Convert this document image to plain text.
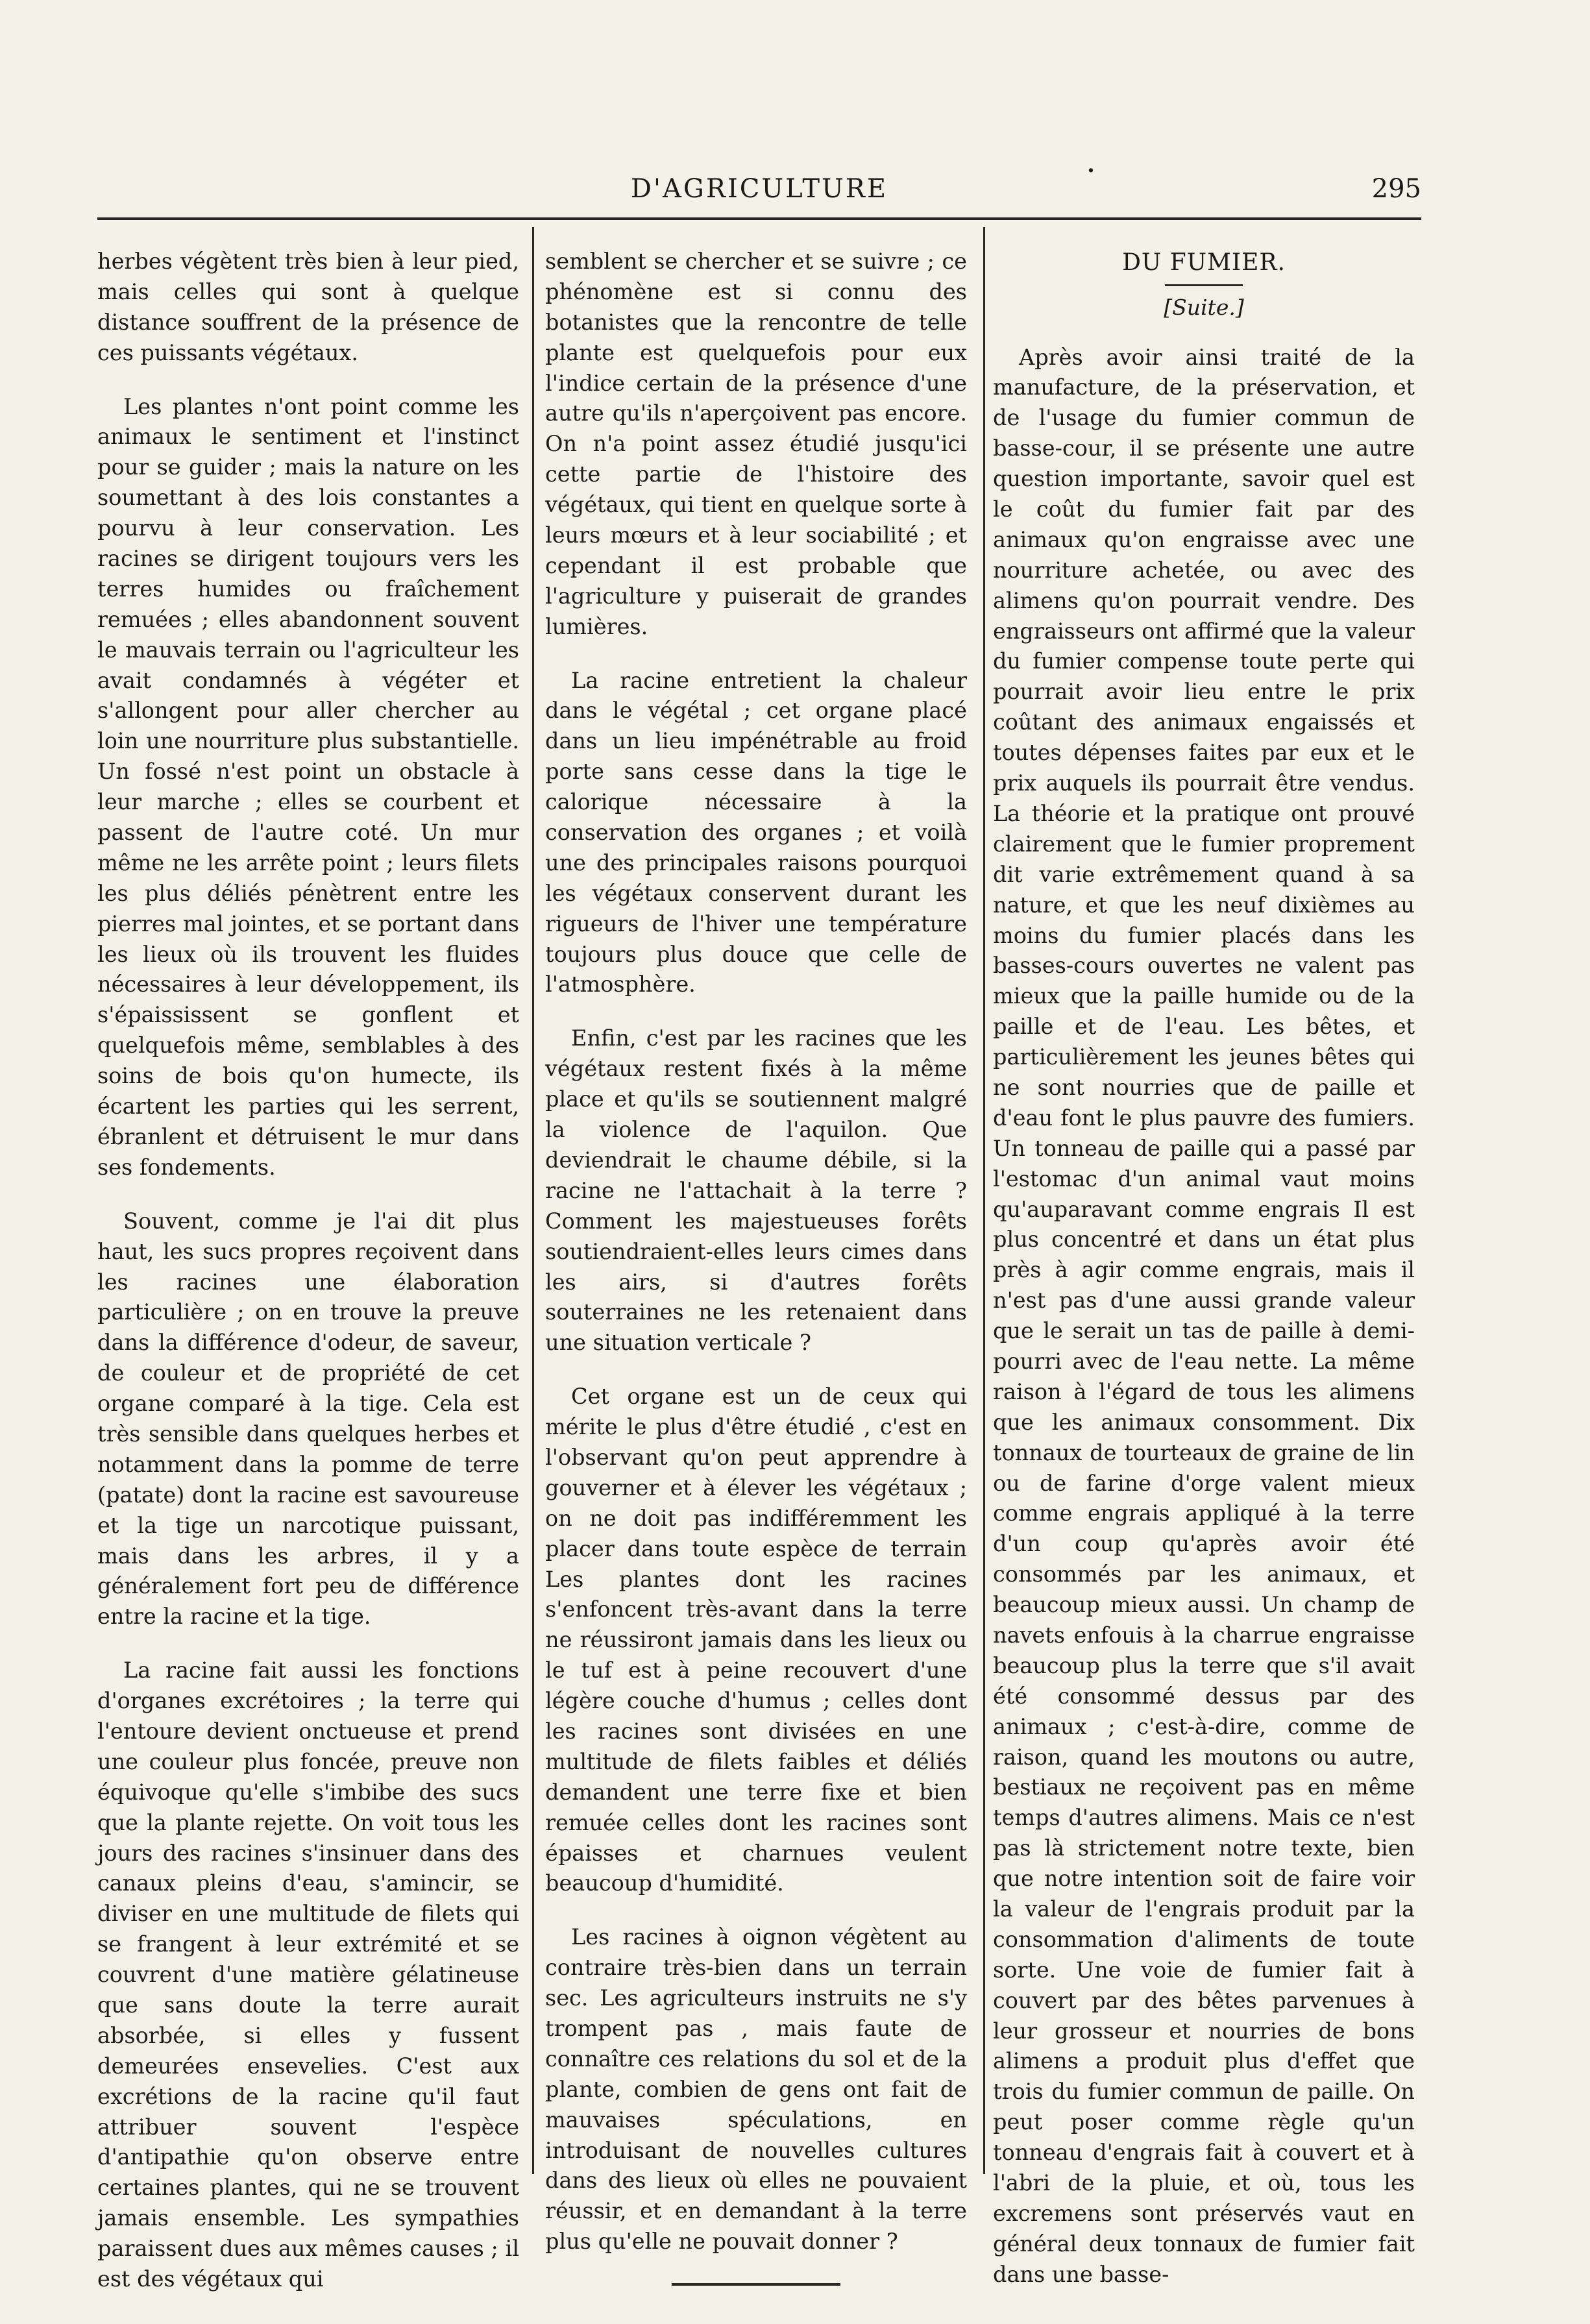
D'AGRICULTURE	295
.

herbes végètent très bien à leur pied, mais celles qui sont à quelque distance souffrent de la présence de ces puissants végétaux.

Les plantes n'ont point comme les animaux le sentiment et l'instinct pour se guider ; mais la nature on les soumettant à des lois constantes a pourvu à leur conservation. Les racines se dirigent toujours vers les terres humides ou fraîchement remuées ; elles abandonnent souvent le mauvais terrain ou l'agriculteur les avait condamnés à végéter et s'allongent pour aller chercher au loin une nourriture plus substantielle. Un fossé n'est point un obstacle à leur marche ; elles se courbent et passent de l'autre coté. Un mur même ne les arrête point ; leurs filets les plus déliés pénètrent entre les pierres mal jointes, et se portant dans les lieux où ils trouvent les fluides nécessaires à leur développement, ils s'épaississent se gonflent et quelquefois même, semblables à des soins de bois qu'on humecte, ils écartent les parties qui les serrent, ébranlent et détruisent le mur dans ses fondements.

Souvent, comme je l'ai dit plus haut, les sucs propres reçoivent dans les racines une élaboration particulière ; on en trouve la preuve dans la différence d'odeur, de saveur, de couleur et de propriété de cet organe comparé à la tige. Cela est très sensible dans quelques herbes et notamment dans la pomme de terre (patate) dont la racine est savoureuse et la tige un narcotique puissant, mais dans les arbres, il y a généralement fort peu de différence entre la racine et la tige.

La racine fait aussi les fonctions d'organes excrétoires ; la terre qui l'entoure devient onctueuse et prend une couleur plus foncée, preuve non équivoque qu'elle s'imbibe des sucs que la plante rejette. On voit tous les jours des racines s'insinuer dans des canaux pleins d'eau, s'amincir, se diviser en une multitude de filets qui se frangent à leur extrémité et se couvrent d'une matière gélatineuse que sans doute la terre aurait absorbée, si elles y fussent demeurées ensevelies. C'est aux excrétions de la racine qu'il faut attribuer souvent l'espèce d'antipathie qu'on observe entre certaines plantes, qui ne se trouvent jamais ensemble. Les sympathies paraissent dues aux mêmes causes ; il est des végétaux qui

semblent se chercher et se suivre ; ce phénomène est si connu des botanistes que la rencontre de telle plante est quelquefois pour eux l'indice certain de la présence d'une autre qu'ils n'aperçoivent pas encore. On n'a point assez étudié jusqu'ici cette partie de l'histoire des végétaux, qui tient en quelque sorte à leurs mœurs et à leur sociabilité ; et cependant il est probable que l'agriculture y puiserait de grandes lumières.

La racine entretient la chaleur dans le végétal ; cet organe placé dans un lieu impénétrable au froid porte sans cesse dans la tige le calorique nécessaire à la conservation des organes ; et voilà une des principales raisons pourquoi les végétaux conservent durant les rigueurs de l'hiver une température toujours plus douce que celle de l'atmosphère.

Enfin, c'est par les racines que les végétaux restent fixés à la même place et qu'ils se soutiennent malgré la violence de l'aquilon. Que deviendrait le chaume débile, si la racine ne l'attachait à la terre ? Comment les majestueuses forêts soutiendraient-elles leurs cimes dans les airs, si d'autres forêts souterraines ne les retenaient dans une situation verticale ?

Cet organe est un de ceux qui mérite le plus d'être étudié , c'est en l'observant qu'on peut apprendre à gouverner et à élever les végétaux ; on ne doit pas indifféremment les placer dans toute espèce de terrain Les plantes dont les racines s'enfoncent très-avant dans la terre ne réussiront jamais dans les lieux ou le tuf est à peine recouvert d'une légère couche d'humus ; celles dont les racines sont divisées en une multitude de filets faibles et déliés demandent une terre fixe et bien remuée celles dont les racines sont épaisses et charnues veulent beaucoup d'humidité.

Les racines à oignon végètent au contraire très-bien dans un terrain sec. Les agriculteurs instruits ne s'y trompent pas , mais faute de connaître ces relations du sol et de la plante, combien de gens ont fait de mauvaises spéculations, en introduisant de nouvelles cultures dans des lieux où elles ne pouvaient réussir, et en demandant à la terre plus qu'elle ne pouvait donner ?

DU FUMIER.
[Suite.]

Après avoir ainsi traité de la manufacture, de la préservation, et de l'usage du fumier commun de basse-cour, il se présente une autre question importante, savoir quel est le coût du fumier fait par des animaux qu'on engraisse avec une nourriture achetée, ou avec des alimens qu'on pourrait vendre. Des engraisseurs ont affirmé que la valeur du fumier compense toute perte qui pourrait avoir lieu entre le prix coûtant des animaux engaissés et toutes dépenses faites par eux et le prix auquels ils pourrait être vendus. La théorie et la pratique ont prouvé clairement que le fumier proprement dit varie extrêmement quand à sa nature, et que les neuf dixièmes au moins du fumier placés dans les basses-cours ouvertes ne valent pas mieux que la paille humide ou de la paille et de l'eau. Les bêtes, et particulièrement les jeunes bêtes qui ne sont nourries que de paille et d'eau font le plus pauvre des fumiers. Un tonneau de paille qui a passé par l'estomac d'un animal vaut moins qu'auparavant comme engrais Il est plus concentré et dans un état plus près à agir comme engrais, mais il n'est pas d'une aussi grande valeur que le serait un tas de paille à demi-pourri avec de l'eau nette. La même raison à l'égard de tous les alimens que les animaux consomment. Dix tonnaux de tourteaux de graine de lin ou de farine d'orge valent mieux comme engrais appliqué à la terre d'un coup qu'après avoir été consommés par les animaux, et beaucoup mieux aussi. Un champ de navets enfouis à la charrue engraisse beaucoup plus la terre que s'il avait été consommé dessus par des animaux ; c'est-à-dire, comme de raison, quand les moutons ou autre, bestiaux ne reçoivent pas en même temps d'autres alimens. Mais ce n'est pas là strictement notre texte, bien que notre intention soit de faire voir la valeur de l'engrais produit par la consommation d'aliments de toute sorte. Une voie de fumier fait à couvert par des bêtes parvenues à leur grosseur et nourries de bons alimens a produit plus d'effet que trois du fumier commun de paille. On peut poser comme règle qu'un tonneau d'engrais fait à couvert et à l'abri de la pluie, et où, tous les excremens sont préservés vaut en général deux tonnaux de fumier fait dans une basse-
